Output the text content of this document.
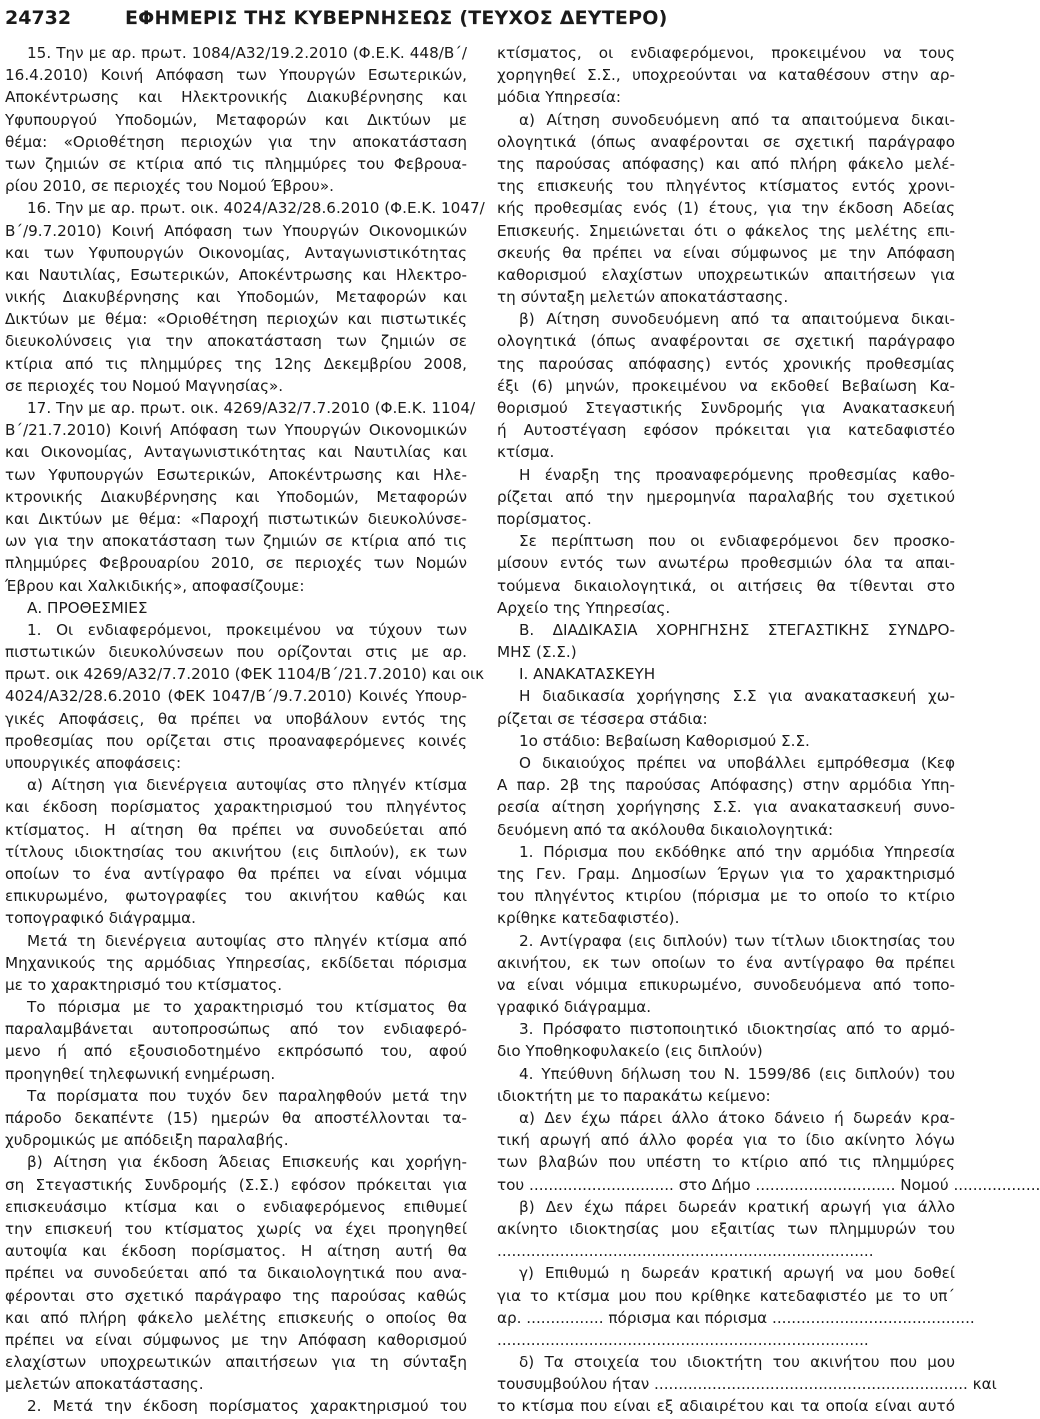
24732	ΕΦΗΜΕΡΙΣ ΤΗΣ ΚΥΒΕΡΝΗΣΕΩΣ (ΤΕΥΧΟΣ ΔΕΥΤΕΡΟ)
15. Την με αρ. πρωτ. 1084/Α32/19.2.2010 (Φ.Ε.Κ. 448/Β΄/
16.4.2010) Κοινή Απόφαση των Υπουργών Εσωτερικών,
Αποκέντρωσης και Ηλεκτρονικής Διακυβέρνησης και
Υφυπουργού Υποδομών, Μεταφορών και Δικτύων με
θέμα: «Οριοθέτηση περιοχών για την αποκατάσταση
των ζημιών σε κτίρια από τις πλημμύρες του Φεβρουα-
ρίου 2010, σε περιοχές του Νομού Έβρου».
16. Την με αρ. πρωτ. οικ. 4024/Α32/28.6.2010 (Φ.Ε.Κ. 1047/
Β΄/9.7.2010) Κοινή Απόφαση των Υπουργών Οικονομικών
και των Υφυπουργών Οικονομίας, Ανταγωνιστικότητας
και Ναυτιλίας, Εσωτερικών, Αποκέντρωσης και Ηλεκτρο-
νικής Διακυβέρνησης και Υποδομών, Μεταφορών και
Δικτύων με θέμα: «Οριοθέτηση περιοχών και πιστωτικές
διευκολύνσεις για την αποκατάσταση των ζημιών σε
κτίρια από τις πλημμύρες της 12ης Δεκεμβρίου 2008,
σε περιοχές του Νομού Μαγνησίας».
17. Την με αρ. πρωτ. οικ. 4269/Α32/7.7.2010 (Φ.Ε.Κ. 1104/
Β΄/21.7.2010) Κοινή Απόφαση των Υπουργών Οικονομικών
και Οικονομίας, Ανταγωνιστικότητας και Ναυτιλίας και
των Υφυπουργών Εσωτερικών, Αποκέντρωσης και Ηλε-
κτρονικής Διακυβέρνησης και Υποδομών, Μεταφορών
και Δικτύων με θέμα: «Παροχή πιστωτικών διευκολύνσε-
ων για την αποκατάσταση των ζημιών σε κτίρια από τις
πλημμύρες Φεβρουαρίου 2010, σε περιοχές των Νομών
Έβρου και Χαλκιδικής», αποφασίζουμε:
Α. ΠΡΟΘΕΣΜΙΕΣ
1. Οι ενδιαφερόμενοι, προκειμένου να τύχουν των
πιστωτικών διευκολύνσεων που ορίζονται στις με αρ.
πρωτ. οικ 4269/Α32/7.7.2010 (ΦΕΚ 1104/Β΄/21.7.2010) και οικ
4024/Α32/28.6.2010 (ΦΕΚ 1047/Β΄/9.7.2010) Κοινές Υπουρ-
γικές Αποφάσεις, θα πρέπει να υποβάλουν εντός της
προθεσμίας που ορίζεται στις προαναφερόμενες κοινές
υπουργικές αποφάσεις:
α) Αίτηση για διενέργεια αυτοψίας στο πληγέν κτίσμα
και έκδοση πορίσματος χαρακτηρισμού του πληγέντος
κτίσματος. Η αίτηση θα πρέπει να συνοδεύεται από
τίτλους ιδιοκτησίας του ακινήτου (εις διπλούν), εκ των
οποίων το ένα αντίγραφο θα πρέπει να είναι νόμιμα
επικυρωμένο, φωτογραφίες του ακινήτου καθώς και
τοπογραφικό διάγραμμα.
Μετά τη διενέργεια αυτοψίας στο πληγέν κτίσμα από
Μηχανικούς της αρμόδιας Υπηρεσίας, εκδίδεται πόρισμα
με το χαρακτηρισμό του κτίσματος.
Το πόρισμα με το χαρακτηρισμό του κτίσματος θα
παραλαμβάνεται αυτοπροσώπως από τον ενδιαφερό-
μενο ή από εξουσιοδοτημένο εκπρόσωπό του, αφού
προηγηθεί τηλεφωνική ενημέρωση.
Τα πορίσματα που τυχόν δεν παραληφθούν μετά την
πάροδο δεκαπέντε (15) ημερών θα αποστέλλονται τα-
χυδρομικώς με απόδειξη παραλαβής.
β) Αίτηση για έκδοση Άδειας Επισκευής και χορήγη-
ση Στεγαστικής Συνδρομής (Σ.Σ.) εφόσον πρόκειται για
επισκευάσιμο κτίσμα και ο ενδιαφερόμενος επιθυμεί
την επισκευή του κτίσματος χωρίς να έχει προηγηθεί
αυτοψία και έκδοση πορίσματος. Η αίτηση αυτή θα
πρέπει να συνοδεύεται από τα δικαιολογητικά που ανα-
φέρονται στο σχετικό παράγραφο της παρούσας καθώς
και από πλήρη φάκελο μελέτης επισκευής ο οποίος θα
πρέπει να είναι σύμφωνος με την Απόφαση καθορισμού
ελαχίστων υποχρεωτικών απαιτήσεων για τη σύνταξη
μελετών αποκατάστασης.
2. Μετά την έκδοση πορίσματος χαρακτηρισμού του
κτίσματος, οι ενδιαφερόμενοι, προκειμένου να τους
χορηγηθεί Σ.Σ., υποχρεούνται να καταθέσουν στην αρ-
μόδια Υπηρεσία:
α) Αίτηση συνοδευόμενη από τα απαιτούμενα δικαι-
ολογητικά (όπως αναφέρονται σε σχετική παράγραφο
της παρούσας απόφασης) και από πλήρη φάκελο μελέ-
της επισκευής του πληγέντος κτίσματος εντός χρονι-
κής προθεσμίας ενός (1) έτους, για την έκδοση Αδείας
Επισκευής. Σημειώνεται ότι ο φάκελος της μελέτης επι-
σκευής θα πρέπει να είναι σύμφωνος με την Απόφαση
καθορισμού ελαχίστων υποχρεωτικών απαιτήσεων για
τη σύνταξη μελετών αποκατάστασης.
β) Αίτηση συνοδευόμενη από τα απαιτούμενα δικαι-
ολογητικά (όπως αναφέρονται σε σχετική παράγραφο
της παρούσας απόφασης) εντός χρονικής προθεσμίας
έξι (6) μηνών, προκειμένου να εκδοθεί Βεβαίωση Κα-
θορισμού Στεγαστικής Συνδρομής για Ανακατασκευή
ή Αυτοστέγαση εφόσον πρόκειται για κατεδαφιστέο
κτίσμα.
Η έναρξη της προαναφερόμενης προθεσμίας καθο-
ρίζεται από την ημερομηνία παραλαβής του σχετικού
πορίσματος.
Σε περίπτωση που οι ενδιαφερόμενοι δεν προσκο-
μίσουν εντός των ανωτέρω προθεσμιών όλα τα απαι-
τούμενα δικαιολογητικά, οι αιτήσεις θα τίθενται στο
Αρχείο της Υπηρεσίας.
Β. ΔΙΑΔΙΚΑΣΙΑ ΧΟΡΗΓΗΣΗΣ ΣΤΕΓΑΣΤΙΚΗΣ ΣΥΝΔΡΟ-
ΜΗΣ (Σ.Σ.)
Ι. ΑΝΑΚΑΤΑΣΚΕΥΗ
Η διαδικασία χορήγησης Σ.Σ για ανακατασκευή χω-
ρίζεται σε τέσσερα στάδια:
1ο στάδιο: Βεβαίωση Καθορισμού Σ.Σ.
Ο δικαιούχος πρέπει να υποβάλλει εμπρόθεσμα (Κεφ
Α παρ. 2β της παρούσας Απόφασης) στην αρμόδια Υπη-
ρεσία αίτηση χορήγησης Σ.Σ. για ανακατασκευή συνο-
δευόμενη από τα ακόλουθα δικαιολογητικά:
1. Πόρισμα που εκδόθηκε από την αρμόδια Υπηρεσία
της Γεν. Γραμ. Δημοσίων Έργων για το χαρακτηρισμό
του πληγέντος κτιρίου (πόρισμα με το οποίο το κτίριο
κρίθηκε κατεδαφιστέο).
2. Αντίγραφα (εις διπλούν) των τίτλων ιδιοκτησίας του
ακινήτου, εκ των οποίων το ένα αντίγραφο θα πρέπει
να είναι νόμιμα επικυρωμένο, συνοδευόμενα από τοπο-
γραφικό διάγραμμα.
3. Πρόσφατο πιστοποιητικό ιδιοκτησίας από το αρμό-
διο Υποθηκοφυλακείο (εις διπλούν)
4. Υπεύθυνη δήλωση του Ν. 1599/86 (εις διπλούν) του
ιδιοκτήτη με το παρακάτω κείμενο:
α) Δεν έχω πάρει άλλο άτοκο δάνειο ή δωρεάν κρα-
τική αρωγή από άλλο φορέα για το ίδιο ακίνητο λόγω
των βλαβών που υπέστη το κτίριο από τις πλημμύρες
του .............................. στο Δήμο ............................. Νομού ..................
β) Δεν έχω πάρει δωρεάν κρατική αρωγή για άλλο
ακίνητο ιδιοκτησίας μου εξαιτίας των πλημμυρών του
..............................................................................
γ) Επιθυμώ η δωρεάν κρατική αρωγή να μου δοθεί
για το κτίσμα μου που κρίθηκε κατεδαφιστέο με το υπ΄
αρ. ................ πόρισμα και πόρισμα ..........................................
.............................................................................
δ) Τα στοιχεία του ιδιοκτήτη του ακινήτου που μου
τουσυμβούλου ήταν ................................................................. και
το κτίσμα που είναι εξ αδιαιρέτου και τα οποία είναι αυτό
